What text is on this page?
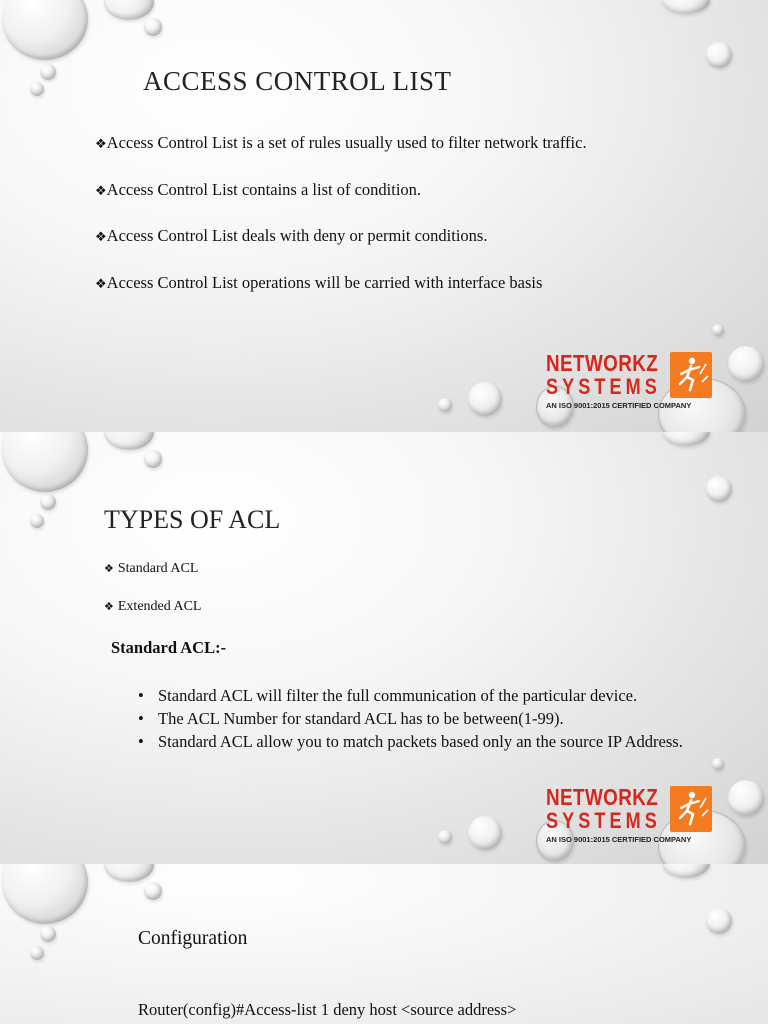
ACCESS CONTROL LIST
❖Access Control List is a set of rules usually used to filter network traffic.
❖Access Control List contains a list of condition.
❖Access Control List deals with deny or permit conditions.
❖Access Control List operations will be carried with interface basis
NETWORKZ
SYSTEMS
AN ISO 9001:2015 CERTIFIED COMPANY
NETWORKZ
SYSTEMS
AN ISO 9001:2015 CERTIFIED COMPANY
TYPES OF ACL
❖ Standard ACL
❖ Extended ACL

Standard ACL:-

• Standard ACL will filter the full communication of the particular device.
• The ACL Number for standard ACL has to be between(1-99).
• Standard ACL allow you to match packets based only an the source IP Address.
Configuration

Router(config)#Access-list 1 deny host <source address>
